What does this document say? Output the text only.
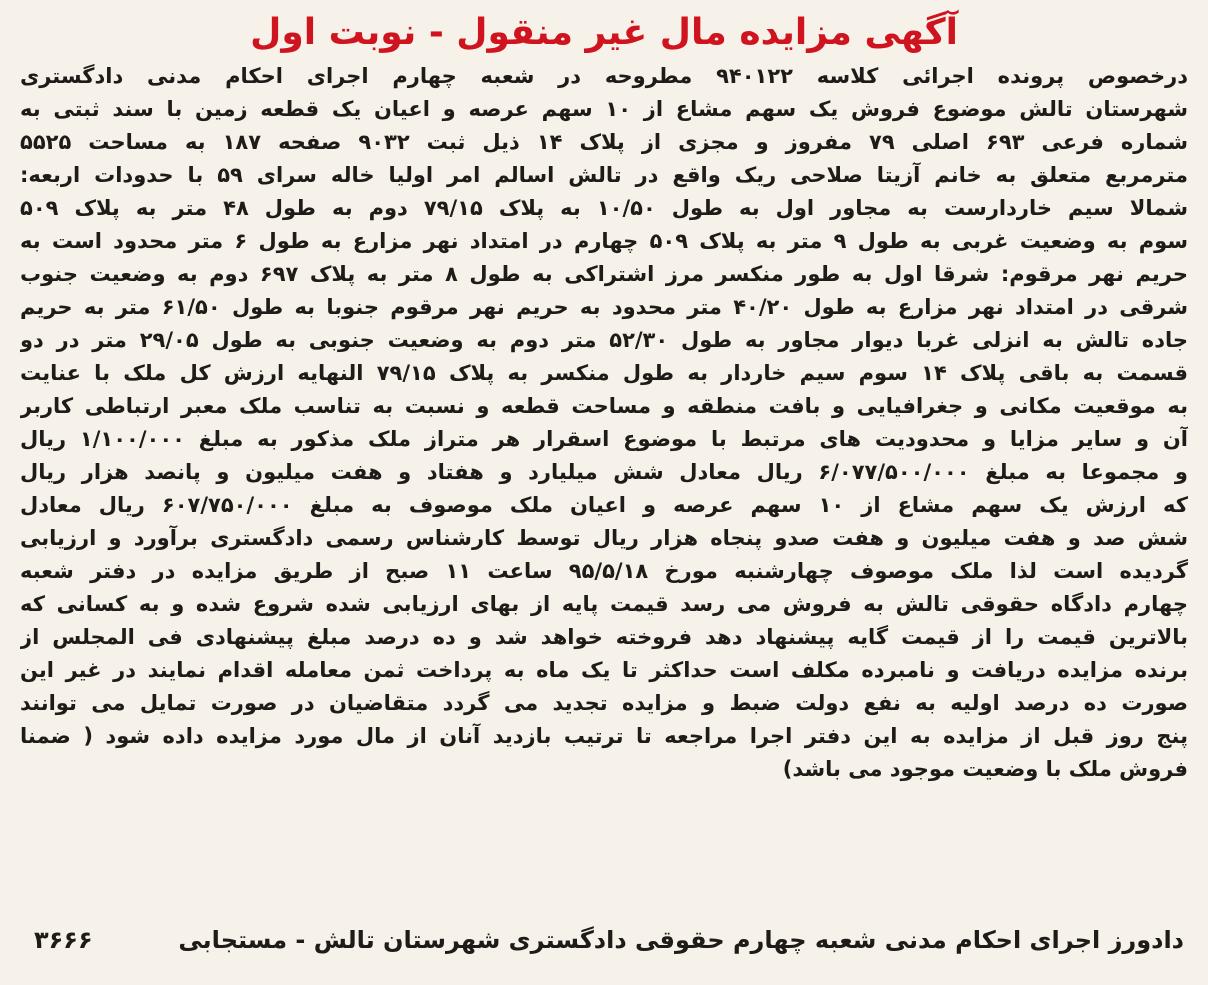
آگهی مزایده مال غیر منقول - نوبت اول
درخصوص پرونده اجرائی کلاسه ۹۴۰۱۲۲ مطروحه در شعبه چهارم اجرای احکام مدنی دادگستری
شهرستان تالش موضوع فروش یک سهم مشاع از ۱۰ سهم عرصه و اعیان یک قطعه زمین با سند ثبتی به
شماره فرعی ۶۹۳ اصلی ۷۹ مفروز و مجزی از پلاک ۱۴ ذیل ثبت ۹۰۳۲ صفحه ۱۸۷ به مساحت ۵۵۲۵
مترمربع متعلق به خانم آزیتا صلاحی ریک واقع در تالش اسالم امر اولیا خاله سرای ۵۹ با حدودات اربعه:
شمالا سیم خاردارست به مجاور اول به طول ۱۰/۵۰ به پلاک ۷۹/۱۵ دوم به طول ۴۸ متر به پلاک ۵۰۹
سوم به وضعیت غربی به طول ۹ متر به پلاک ۵۰۹ چهارم در امتداد نهر مزارع به طول ۶ متر محدود است به
حریم نهر مرقوم: شرقا اول به طور منکسر مرز اشتراکی به طول ۸ متر به پلاک ۶۹۷ دوم به وضعیت جنوب
شرقی در امتداد نهر مزارع به طول ۴۰/۲۰ متر محدود به حریم نهر مرقوم جنوبا به طول ۶۱/۵۰ متر به حریم
جاده تالش به انزلی غربا دیوار مجاور به طول ۵۲/۳۰ متر دوم به وضعیت جنوبی به طول ۲۹/۰۵ متر در دو
قسمت به باقی پلاک ۱۴ سوم سیم خاردار به طول منکسر به پلاک ۷۹/۱۵ النهایه ارزش کل ملک با عنایت
به موقعیت مکانی و جغرافیایی و بافت منطقه و مساحت قطعه و نسبت به تناسب ملک معبر ارتباطی کاربر
آن و سایر مزایا و محدودیت های مرتبط با موضوع اسقرار هر متراز ملک مذکور به مبلغ ۱/۱۰۰/۰۰۰ ریال
و مجموعا به مبلغ ۶/۰۷۷/۵۰۰/۰۰۰ ریال معادل شش میلیارد و هفتاد و هفت میلیون و پانصد هزار ریال
که ارزش یک سهم مشاع از ۱۰ سهم عرصه و اعیان ملک موصوف به مبلغ ۶۰۷/۷۵۰/۰۰۰ ریال معادل
شش صد و هفت میلیون و هفت صدو پنجاه هزار ریال توسط کارشناس رسمی دادگستری برآورد و ارزیابی
گردیده است لذا ملک موصوف چهارشنبه مورخ ۹۵/۵/۱۸ ساعت ۱۱ صبح از طریق مزایده در دفتر شعبه
چهارم دادگاه حقوقی تالش به فروش می رسد قیمت پایه از بهای ارزیابی شده شروع شده و به کسانی که
بالاترین قیمت را از قیمت گایه پیشنهاد دهد فروخته خواهد شد و ده درصد مبلغ پیشنهادی فی المجلس از
برنده مزایده دریافت و نامبرده مکلف است حداکثر تا یک ماه به پرداخت ثمن معامله اقدام نمایند در غیر این
صورت ده درصد اولیه به نفع دولت ضبط و مزایده تجدید می گردد متقاضیان در صورت تمایل می توانند
پنج روز قبل از مزایده به این دفتر اجرا مراجعه تا ترتیب بازدید آنان از مال مورد مزایده داده شود ( ضمنا
فروش ملک با وضعیت موجود می باشد)
دادورز اجرای احکام مدنی شعبه چهارم حقوقی دادگستری شهرستان تالش - مستجابی
۳۶۶۶
